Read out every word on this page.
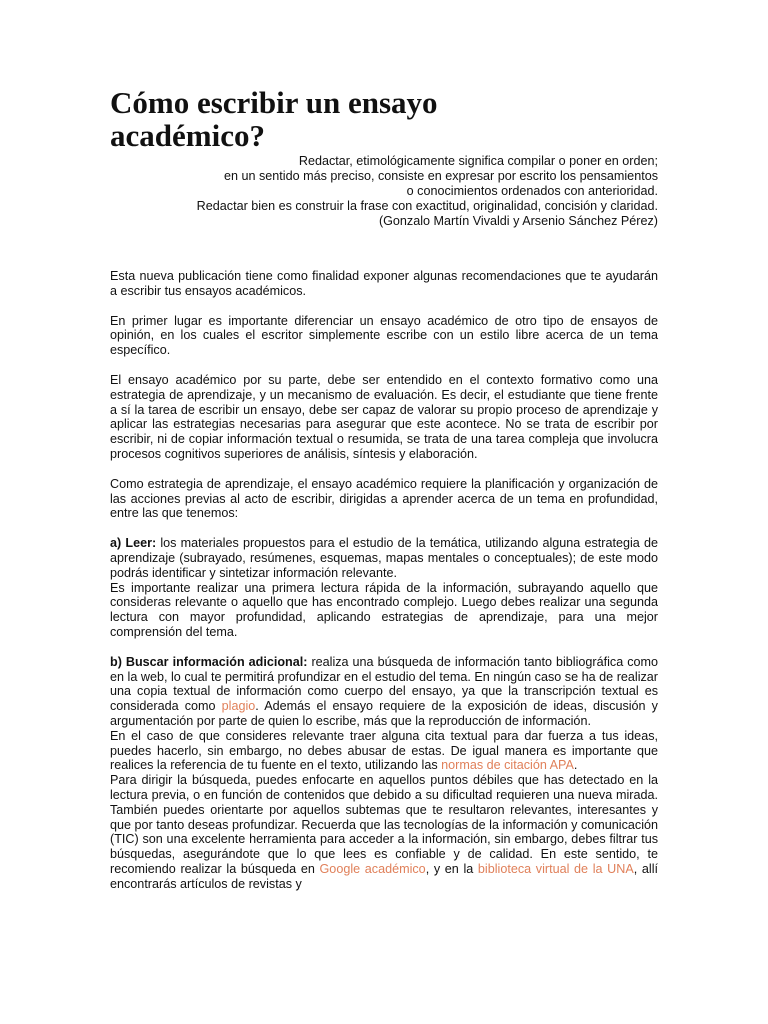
Cómo escribir un ensayo
académico?
Redactar, etimológicamente significa compilar o poner en orden;
en un sentido más preciso, consiste en expresar por escrito los pensamientos
o conocimientos ordenados con anterioridad.
Redactar bien es construir la frase con exactitud, originalidad, concisión y claridad.
(Gonzalo Martín Vivaldi y Arsenio Sánchez Pérez)

Esta nueva publicación tiene como finalidad exponer algunas recomendaciones que te ayudarán a escribir tus ensayos académicos.

En primer lugar es importante diferenciar un ensayo académico de otro tipo de ensayos de opinión, en los cuales el escritor simplemente escribe con un estilo libre acerca de un tema específico.

El ensayo académico por su parte, debe ser entendido en el contexto formativo como una estrategia de aprendizaje, y un mecanismo de evaluación. Es decir, el estudiante que tiene frente a sí la tarea de escribir un ensayo, debe ser capaz de valorar su propio proceso de aprendizaje y aplicar las estrategias necesarias para asegurar que este acontece. No se trata de escribir por escribir, ni de copiar información textual o resumida, se trata de una tarea compleja que involucra procesos cognitivos superiores de análisis, síntesis y elaboración.

Como estrategia de aprendizaje, el ensayo académico requiere la planificación y organización de las acciones previas al acto de escribir, dirigidas a aprender acerca de un tema en profundidad, entre las que tenemos:

a) Leer: los materiales propuestos para el estudio de la temática, utilizando alguna estrategia de aprendizaje (subrayado, resúmenes, esquemas, mapas mentales o conceptuales); de este modo podrás identificar y sintetizar información relevante.

Es importante realizar una primera lectura rápida de la información, subrayando aquello que consideras relevante o aquello que has encontrado complejo. Luego debes realizar una segunda lectura con mayor profundidad, aplicando estrategias de aprendizaje, para una mejor comprensión del tema.

b) Buscar información adicional: realiza una búsqueda de información tanto bibliográfica como en la web, lo cual te permitirá profundizar en el estudio del tema. En ningún caso se ha de realizar una copia textual de información como cuerpo del ensayo, ya que la transcripción textual es considerada como plagio. Además el ensayo requiere de la exposición de ideas, discusión y argumentación por parte de quien lo escribe, más que la reproducción de información.

En el caso de que consideres relevante traer alguna cita textual para dar fuerza a tus ideas, puedes hacerlo, sin embargo, no debes abusar de estas. De igual manera es importante que realices la referencia de tu fuente en el texto, utilizando las normas de citación APA.

Para dirigir la búsqueda, puedes enfocarte en aquellos puntos débiles que has detectado en la lectura previa, o en función de contenidos que debido a su dificultad requieren una nueva mirada. También puedes orientarte por aquellos subtemas que te resultaron relevantes, interesantes y que por tanto deseas profundizar. Recuerda que las tecnologías de la información y comunicación (TIC) son una excelente herramienta para acceder a la información, sin embargo, debes filtrar tus búsquedas, asegurándote que lo que lees es confiable y de calidad. En este sentido, te recomiendo realizar la búsqueda en Google académico, y en la biblioteca virtual de la UNA, allí encontrarás artículos de revistas y
